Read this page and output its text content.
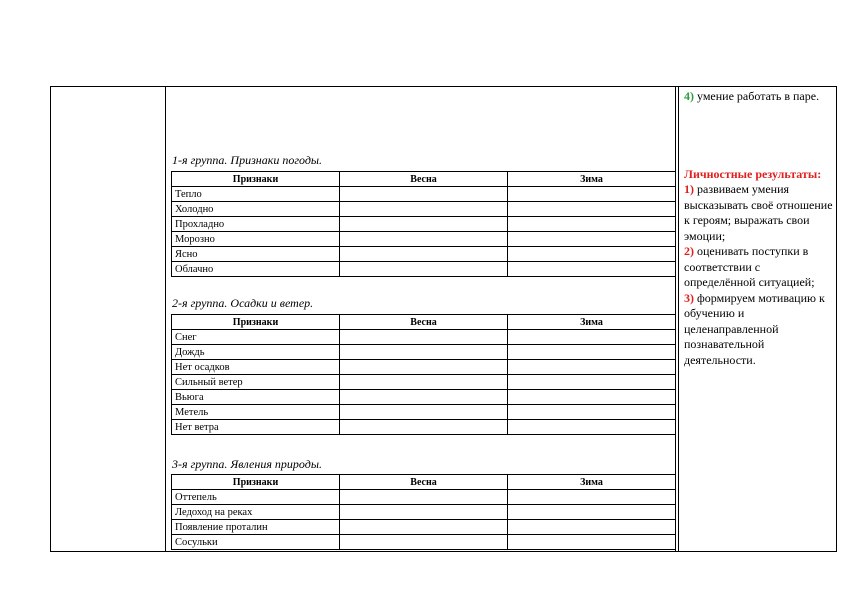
1-я группа. Признаки погоды.
Признаки	Весна	Зима
Тепло		
Холодно		
Прохладно		
Морозно		
Ясно		
Облачно		
2-я группа. Осадки и ветер.
Признаки	Весна	Зима
Снег		
Дождь		
Нет осадков		
Сильный ветер		
Вьюга		
Метель		
Нет ветра		
3-я группа. Явления природы.
Признаки	Весна	Зима
Оттепель		
Ледоход на реках		
Появление проталин		
Сосульки		
4) умение работать в паре.
Личностные результаты:
1) развиваем умения высказывать своё отношение к героям; выражать свои эмоции;
2) оценивать поступки в соответствии с определённой ситуацией;
3) формируем мотивацию к обучению и целенаправленной познавательной деятельности.
